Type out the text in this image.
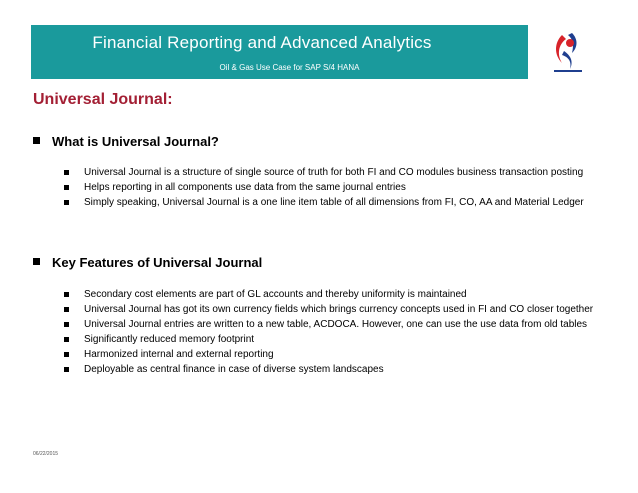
Financial Reporting and Advanced Analytics
Oil & Gas Use Case for SAP S/4 HANA
Universal Journal:
What is Universal Journal?
Universal Journal is a structure of single source of truth for both FI and CO modules business transaction posting
Helps reporting in all components use data from the same journal entries
Simply speaking, Universal Journal is a one line item table of all dimensions from FI, CO, AA and Material Ledger
Key Features of Universal Journal
Secondary cost elements are part of GL accounts and thereby uniformity is maintained
Universal Journal has got its own currency fields which brings currency concepts used in FI and CO closer together
Universal Journal entries are written to a new table, ACDOCA. However, one can use the use data from old tables
Significantly reduced memory footprint
Harmonized internal and external reporting
Deployable as central finance in case of diverse system landscapes
06/22/2015
